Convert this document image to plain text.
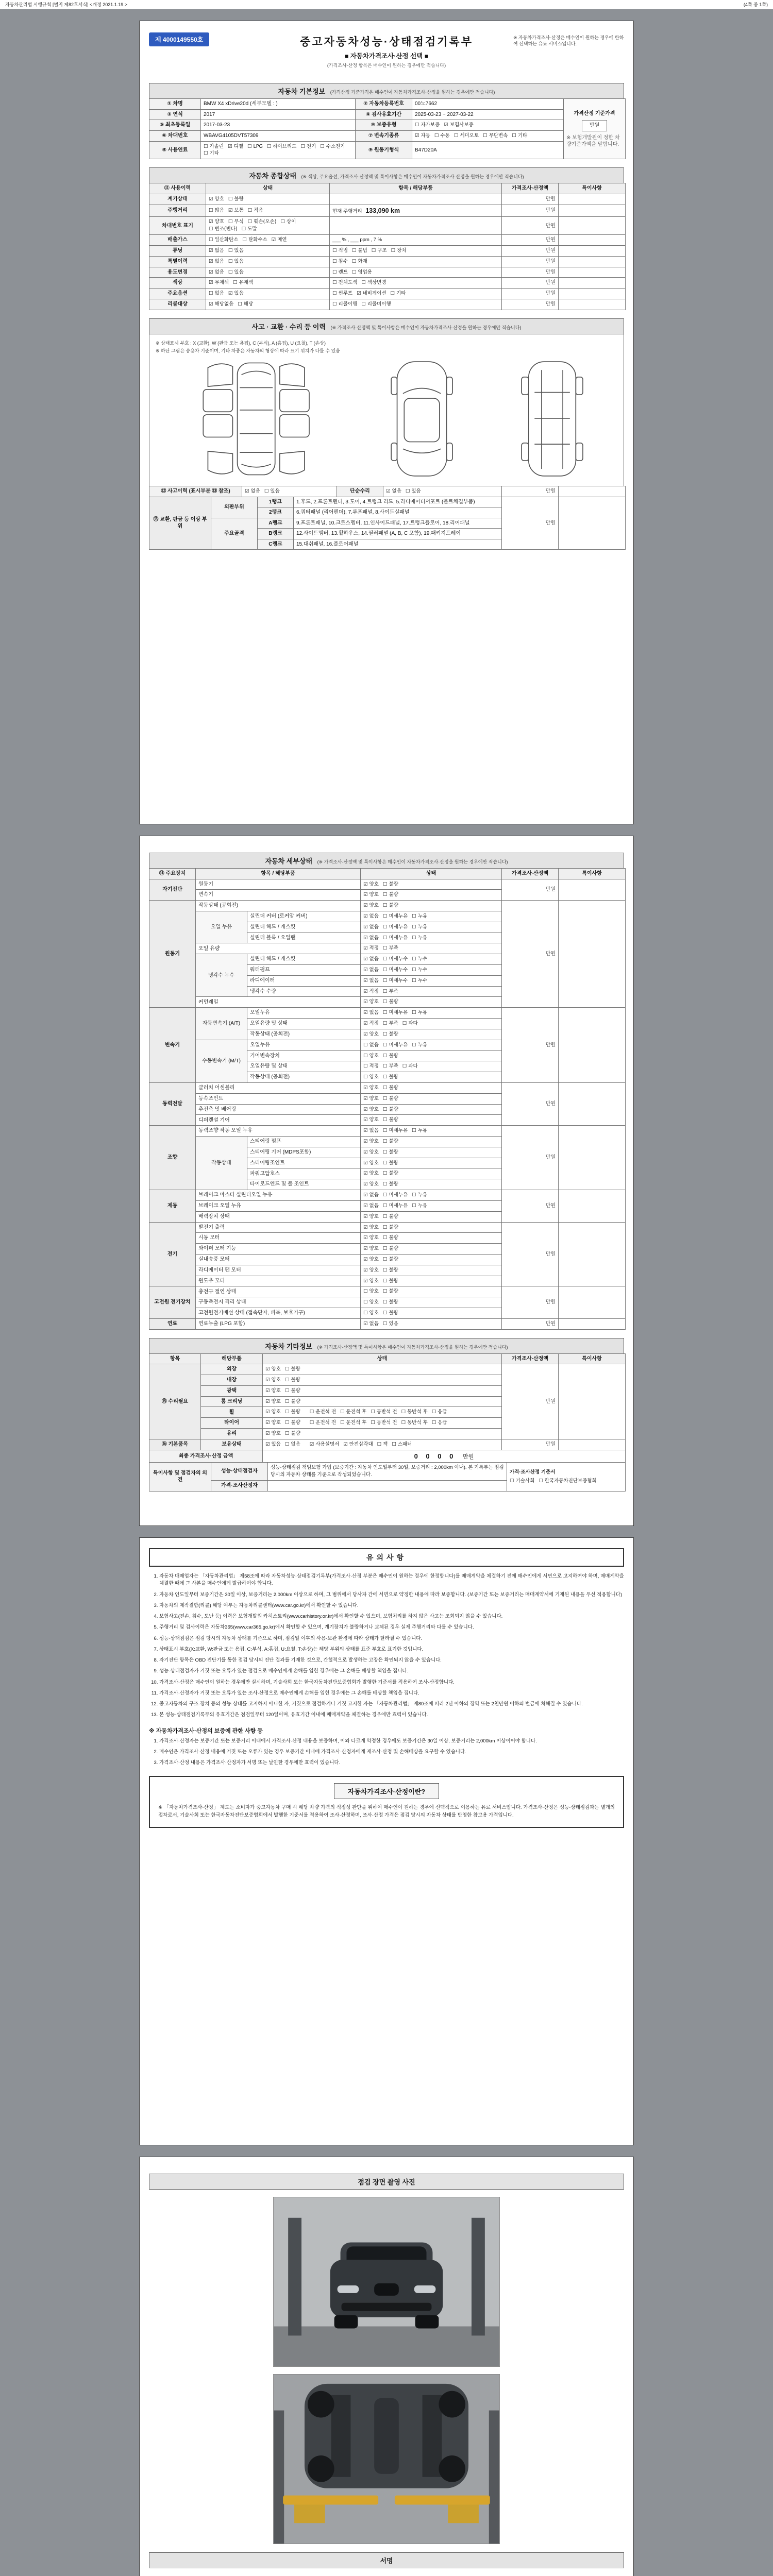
자동차관리법 시행규칙 [별지 제82호서식] <개정 2021.1.19.>	(4쪽 중 1쪽)
제 4000149550호	중고자동차성능·상태점검기록부
■ 자동차가격조사·산정 선택 ■
(가격조사·산정 항목은 매수인이 원하는 경우에만 적습니다)
※ 자동차가격조사·산정은 매수인이 원하는 경우에 한하여 선택하는 유료 서비스입니다.
자동차 기본정보 (가격산정 기준가격은 매수인이 자동차가격조사·산정을 원하는 경우에만 적습니다)
① 차명	BMW X4 xDrive20d (세부모델 : )	② 자동차등록번호	00노7662	가격산정 기준가격
만원
※ 보험개발원이 정한 차량기준가액을 말합니다.

③ 연식	2017	④ 검사유효기간	2025-03-23 ~ 2027-03-22	
⑤ 최초등록일	2017-03-23	⑩ 보증유형	☐ 자가보증 ☑ 보험사보증	
⑥ 차대번호	WBAVG4105DVT57309	⑦ 변속기종류	☑ 자동 ☐ 수동 ☐ 세미오토 ☐ 무단변속 ☐ 기타	
⑧ 사용연료	☐ 가솔린 ☑ 디젤 ☐ LPG ☐ 하이브리드 ☐ 전기 ☐ 수소전기☐ 기타	⑨ 원동기형식	B47D20A	
자동차 종합상태 (※ 색상, 주요옵션, 가격조사·산정액 및 특이사항은 매수인이 자동차가격조사·산정을 원하는 경우에만 적습니다)
⑪ 사용이력	상태	항목 / 해당부품	가격조사·산정액	특이사항
계기상태	☑ 양호 ☐ 불량		만원	
주행거리	☐ 많음 ☑ 보통 ☐ 적음	현재 주행거리 133,090 km	만원	
차대번호 표기	☑ 양호 ☐ 부식 ☐ 훼손(오손) ☐ 상이☐ 변조(변타) ☐ 도말		만원	
배출가스	☐ 일산화탄소 ☐ 탄화수소 ☑ 매연	___ % , ___ ppm , 7 %	만원	
튜닝	☑ 없음 ☐ 있음	☐ 적법 ☐ 불법 ☐ 구조 ☐ 장치	만원	
특별이력	☑ 없음 ☐ 있음	☐ 침수 ☐ 화재	만원	
용도변경	☑ 없음 ☐ 있음	☐ 렌트 ☐ 영업용	만원	
색상	☑ 무채색 ☐ 유채색	☐ 전체도색 ☐ 색상변경	만원	
주요옵션	☐ 없음 ☑ 있음	☐ 썬루프 ☑ 네비게이션 ☐ 기타	만원	
리콜대상	☑ 해당없음 ☐ 해당	☐ 리콜이행 ☐ 리콜미이행	만원	
사고 · 교환 · 수리 등 이력 (※ 가격조사·산정액 및 특이사항은 매수인이 자동차가격조사·산정을 원하는 경우에만 적습니다)
※ 상태표시 부호 : X (교환), W (판금 또는 용접), C (부식), A (흠집), U (요철), T (손상)
※ 하단 그림은 승용차 기준이며, 기타 차종은 자동차의 형상에 따라 표기 위치가 다를 수 있음
⑫ 사고이력 (표시부분 ⑬ 참조)	☑ 없음 ☐ 있음	단순수리	☑ 없음 ☐ 있음	만원	
⑬ 교환, 판금 등 이상 부위	외판부위	1랭크	1.후드, 2.프론트펜더, 3.도어, 4.트렁크 리드, 5.라디에이터서포트 (볼트체결부품)	만원	
		2랭크	6.쿼터패널 (리어펜더), 7.루프패널, 8.사이드실패널		
	주요골격	A랭크	9.프론트패널, 10.크로스멤버, 11.인사이드패널, 17.트렁크플로어, 18.리어패널		
		B랭크	12.사이드멤버, 13.휠하우스, 14.필러패널 (A, B, C 포함), 19.패키지트레이		
		C랭크	15.대쉬패널, 16.플로어패널		
자동차 세부상태 (※ 가격조사·산정액 및 특이사항은 매수인이 자동차가격조사·산정을 원하는 경우에만 적습니다)
⑭ 주요장치	항목 / 해당부품		상태	가격조사·산정액	특이사항
자기진단	원동기		☑ 양호 ☐ 불량	만원	
	변속기		☑ 양호 ☐ 불량		
원동기	작동상태 (공회전)		☑ 양호 ☐ 불량	만원	
	오일 누유	실린더 커버 (로커암 커버)	☑ 없음 ☐ 미세누유 ☐ 누유		
		실린더 헤드 / 개스킷	☑ 없음 ☐ 미세누유 ☐ 누유		
		실린더 블록 / 오일팬	☑ 없음 ☐ 미세누유 ☐ 누유		
	오일 유량		☑ 적정 ☐ 부족		
	냉각수 누수	실린더 헤드 / 개스킷	☑ 없음 ☐ 미세누수 ☐ 누수		
		워터펌프	☑ 없음 ☐ 미세누수 ☐ 누수		
		라디에이터	☑ 없음 ☐ 미세누수 ☐ 누수		
		냉각수 수량	☑ 적정 ☐ 부족		
	커먼레일		☑ 양호 ☐ 불량		
변속기	자동변속기 (A/T)	오일누유	☑ 없음 ☐ 미세누유 ☐ 누유	만원	
		오일유량 및 상태	☑ 적정 ☐ 부족 ☐ 과다		
		작동상태 (공회전)	☑ 양호 ☐ 불량		
	수동변속기 (M/T)	오일누유	☐ 없음 ☐ 미세누유 ☐ 누유		
		기어변속장치	☐ 양호 ☐ 불량		
		오일유량 및 상태	☐ 적정 ☐ 부족 ☐ 과다		
		작동상태 (공회전)	☐ 양호 ☐ 불량		
동력전달	클러치 어셈블리		☑ 양호 ☐ 불량	만원	
	등속조인트		☑ 양호 ☐ 불량		
	추진축 및 베어링		☑ 양호 ☐ 불량		
	디퍼렌셜 기어		☑ 양호 ☐ 불량		
조향	동력조향 작동 오일 누유		☑ 없음 ☐ 미세누유 ☐ 누유	만원	
	작동상태	스티어링 펌프	☑ 양호 ☐ 불량		
		스티어링 기어 (MDPS포함)	☑ 양호 ☐ 불량		
		스티어링조인트	☑ 양호 ☐ 불량		
		파워고압호스	☑ 양호 ☐ 불량		
		타이로드엔드 및 볼 조인트	☑ 양호 ☐ 불량		
제동	브레이크 마스터 실린더오일 누유		☑ 없음 ☐ 미세누유 ☐ 누유	만원	
	브레이크 오일 누유		☑ 없음 ☐ 미세누유 ☐ 누유		
	배력장치 상태		☑ 양호 ☐ 불량		
전기	발전기 출력		☑ 양호 ☐ 불량	만원	
	시동 모터		☑ 양호 ☐ 불량		
	와이퍼 모터 기능		☑ 양호 ☐ 불량		
	실내송풍 모터		☑ 양호 ☐ 불량		
	라디에이터 팬 모터		☑ 양호 ☐ 불량		
	윈도우 모터		☑ 양호 ☐ 불량		
고전원 전기장치	충전구 절연 상태		☐ 양호 ☐ 불량	만원	
	구동축전지 격리 상태		☐ 양호 ☐ 불량		
	고전원전기배선 상태 (접속단자, 피복, 보호기구)		☐ 양호 ☐ 불량		
연료	연료누출 (LPG 포함)		☑ 없음 ☐ 있음	만원	
자동차 기타정보 (※ 가격조사·산정액 및 특이사항은 매수인이 자동차가격조사·산정을 원하는 경우에만 적습니다)
항목	해당부품	상태	가격조사·산정액	특이사항
⑮ 수리필요	외장	☑ 양호 ☐ 불량	만원	
	내장	☑ 양호 ☐ 불량		
	광택	☑ 양호 ☐ 불량		
	룸 크리닝	☑ 양호 ☐ 불량		
	휠	☑ 양호 ☐ 불량 ☐ 운전석 전 ☐ 운전석 후 ☐ 동반석 전 ☐ 동반석 후 ☐ 응급		
	타이어	☑ 양호 ☐ 불량 ☐ 운전석 전 ☐ 운전석 후 ☐ 동반석 전 ☐ 동반석 후 ☐ 응급		
	유리	☑ 양호 ☐ 불량		
⑯ 기본품목	보유상태	☑ 있음 ☐ 없음 ☑ 사용설명서 ☑ 안전삼각대 ☐ 잭 ☐ 스패너	만원	
최종 가격조사·산정 금액	0 0 0 0 만원
특이사항 및 점검자의 의견	성능·상태점검자	성능·상태점검 책임보험 가입 (보증기간 : 자동차 인도일부터 30일, 보증거리 : 2,000km 이내). 본 기록부는 점검 당시의 자동차 상태를 기준으로 작성되었습니다.	가격·조사산정 기준서
☐ 기술사회 ☐ 한국자동차진단보증협회

	가격·조사산정자		
유의사항
1. 자동차 매매업자는 「자동차관리법」 제58조에 따라 자동차성능·상태점검기록부(가격조사·산정 부분은 매수인이 원하는 경우에 한정합니다)를 매매계약을 체결하기 전에 매수인에게 서면으로 고지하여야 하며, 매매계약을 체결한 때에 그 사본을 매수인에게 발급하여야 합니다.
2. 자동차 인도일부터 보증기간은 30일 이상, 보증거리는 2,000km 이상으로 하며, 그 범위에서 당사자 간에 서면으로 약정한 내용에 따라 보증합니다. (보증기간 또는 보증거리는 매매계약서에 기재된 내용을 우선 적용합니다)
3. 자동차의 제작결함(리콜) 해당 여부는 자동차리콜센터(www.car.go.kr)에서 확인할 수 있습니다.
4. 보험사고(전손, 침수, 도난 등) 이력은 보험개발원 카히스토리(www.carhistory.or.kr)에서 확인할 수 있으며, 보험처리를 하지 않은 사고는 조회되지 않을 수 있습니다.
5. 주행거리 및 검사이력은 자동차365(www.car365.go.kr)에서 확인할 수 있으며, 계기장치가 불량하거나 교체된 경우 실제 주행거리와 다를 수 있습니다.
6. 성능·상태점검은 점검 당시의 자동차 상태를 기준으로 하며, 점검일 이후의 사용·보관 환경에 따라 상태가 달라질 수 있습니다.
7. 상태표시 부호(X:교환, W:판금 또는 용접, C:부식, A:흠집, U:요철, T:손상)는 해당 부위의 상태를 표준 부호로 표기한 것입니다.
8. 자기진단 항목은 OBD 진단기를 통한 점검 당시의 진단 결과를 기재한 것으로, 간헐적으로 발생하는 고장은 확인되지 않을 수 있습니다.
9. 성능·상태점검자가 거짓 또는 오류가 있는 점검으로 매수인에게 손해를 입힌 경우에는 그 손해를 배상할 책임을 집니다.
10. 가격조사·산정은 매수인이 원하는 경우에만 실시하며, 기술사회 또는 한국자동차진단보증협회가 발행한 기준서를 적용하여 조사·산정합니다.
11. 가격조사·산정자가 거짓 또는 오류가 있는 조사·산정으로 매수인에게 손해를 입힌 경우에는 그 손해를 배상할 책임을 집니다.
12. 중고자동차의 구조·장치 등의 성능·상태를 고지하지 아니한 자, 거짓으로 점검하거나 거짓 고지한 자는 「자동차관리법」 제80조에 따라 2년 이하의 징역 또는 2천만원 이하의 벌금에 처해질 수 있습니다.
13. 본 성능·상태점검기록부의 유효기간은 점검일부터 120일이며, 유효기간 이내에 매매계약을 체결하는 경우에만 효력이 있습니다.
※ 자동차가격조사·산정의 보증에 관한 사항 등
1. 가격조사·산정자는 보증기간 또는 보증거리 이내에서 가격조사·산정 내용을 보증하며, 이와 다르게 약정한 경우에도 보증기간은 30일 이상, 보증거리는 2,000km 이상이어야 합니다.
2. 매수인은 가격조사·산정 내용에 거짓 또는 오류가 있는 경우 보증기간 이내에 가격조사·산정자에게 재조사·산정 및 손해배상을 요구할 수 있습니다.
3. 가격조사·산정 내용은 가격조사·산정자가 서명 또는 날인한 경우에만 효력이 있습니다.
자동차가격조사·산정이란?
※ 「자동차가격조사·산정」 제도는 소비자가 중고자동차 구매 시 해당 차량 가격의 적정성 판단을 위하여 매수인이 원하는 경우에 선택적으로 이용하는 유료 서비스입니다. 가격조사·산정은 성능·상태점검과는 별개의 절차로서, 기술사회 또는 한국자동차진단보증협회에서 발행한 기준서를 적용하여 조사·산정하며, 조사·산정 가격은 점검 당시의 자동차 상태를 반영한 참고용 가격입니다.
점검 장면 촬영 사진
서명
